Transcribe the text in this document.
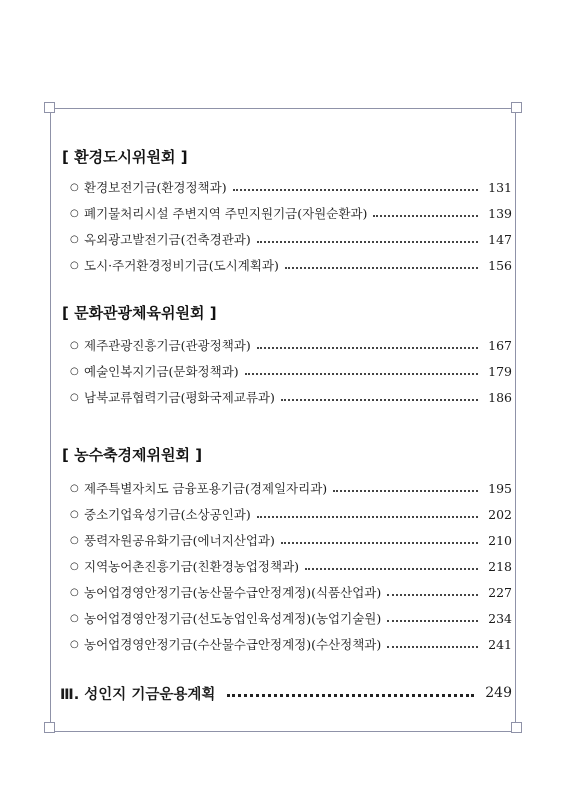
[ 환경도시위원회 ]
○ 환경보전기금(환경정책과)	131
○ 폐기물처리시설 주변지역 주민지원기금(자원순환과)	139
○ 옥외광고발전기금(건축경관과)	147
○ 도시·주거환경정비기금(도시계획과)	156
[ 문화관광체육위원회 ]
○ 제주관광진흥기금(관광정책과)	167
○ 예술인복지기금(문화정책과)	179
○ 남북교류협력기금(평화국제교류과)	186
[ 농수축경제위원회 ]
○ 제주특별자치도 금융포용기금(경제일자리과)	195
○ 중소기업육성기금(소상공인과)	202
○ 풍력자원공유화기금(에너지산업과)	210
○ 지역농어촌진흥기금(친환경농업정책과)	218
○ 농어업경영안정기금(농산물수급안정계정)(식품산업과)	227
○ 농어업경영안정기금(선도농업인육성계정)(농업기술원)	234
○ 농어업경영안정기금(수산물수급안정계정)(수산정책과)	241
Ⅲ. 성인지 기금운용계획	249
